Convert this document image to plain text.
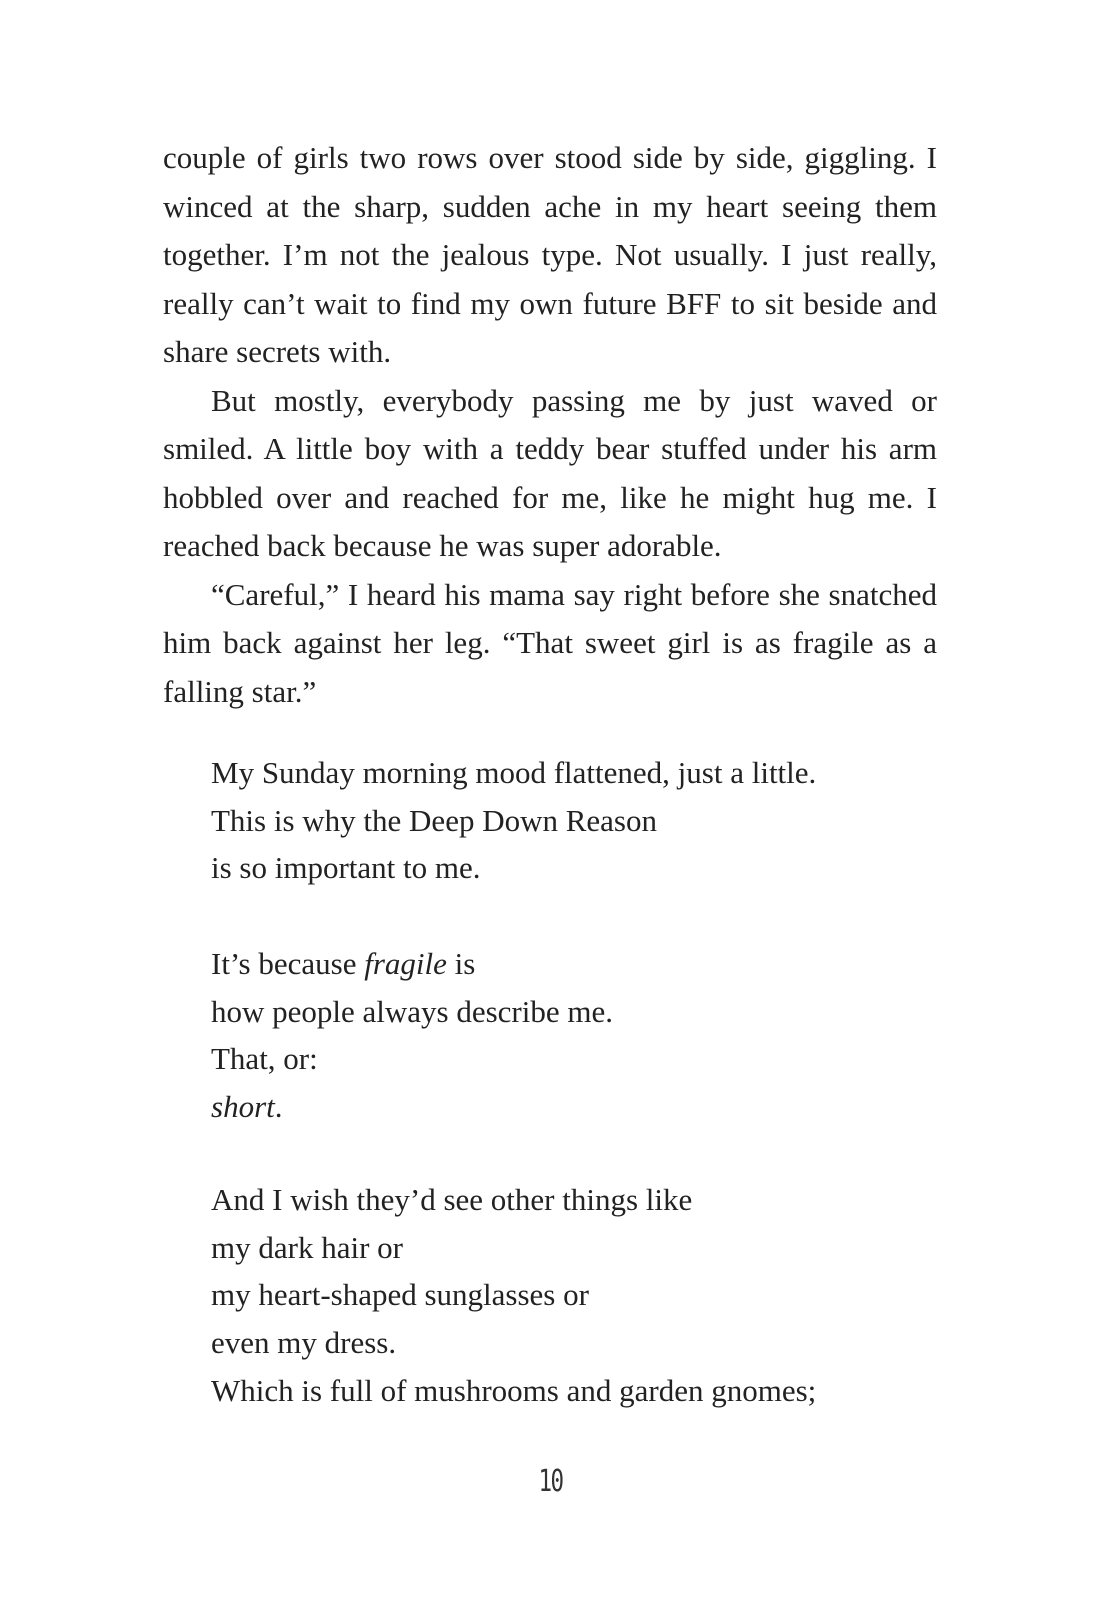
couple of girls two rows over stood side by side, giggling. I winced at the sharp, sudden ache in my heart seeing them together. I’m not the jealous type. Not usually. I just really, really can’t wait to find my own future BFF to sit beside and share secrets with.

But mostly, everybody passing me by just waved or smiled. A little boy with a teddy bear stuffed under his arm hobbled over and reached for me, like he might hug me. I reached back because he was super adorable.

“Careful,” I heard his mama say right before she snatched him back against her leg. “That sweet girl is as fragile as a falling star.”

My Sunday morning mood flattened, just a little.
This is why the Deep Down Reason
is so important to me.
It’s because fragile is
how people always describe me.
That, or:
short.
And I wish they’d see other things like
my dark hair or
my heart-shaped sunglasses or
even my dress.
Which is full of mushrooms and garden gnomes;
10
